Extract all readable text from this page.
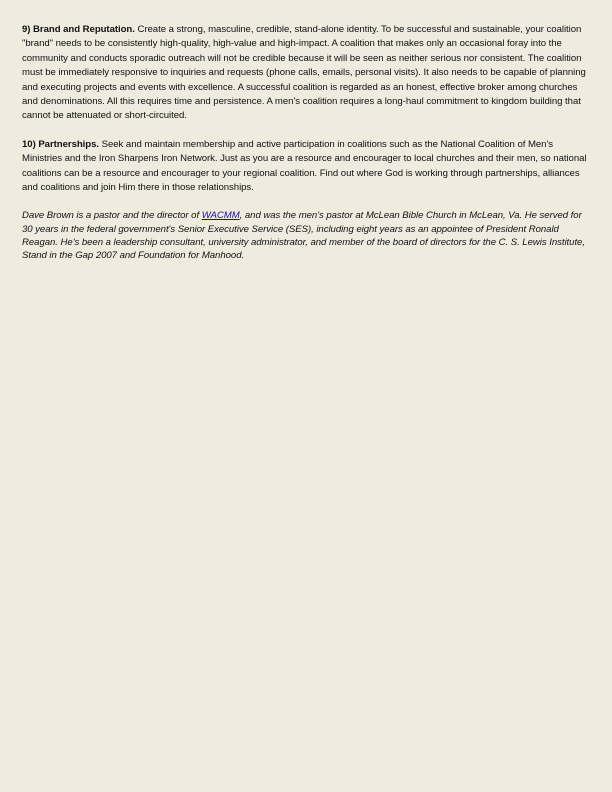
9) Brand and Reputation. Create a strong, masculine, credible, stand-alone identity. To be successful and sustainable, your coalition "brand" needs to be consistently high-quality, high-value and high-impact. A coalition that makes only an occasional foray into the community and conducts sporadic outreach will not be credible because it will be seen as neither serious nor consistent. The coalition must be immediately responsive to inquiries and requests (phone calls, emails, personal visits). It also needs to be capable of planning and executing projects and events with excellence. A successful coalition is regarded as an honest, effective broker among churches and denominations. All this requires time and persistence. A men's coalition requires a long-haul commitment to kingdom building that cannot be attenuated or short-circuited.

10) Partnerships. Seek and maintain membership and active participation in coalitions such as the National Coalition of Men's Ministries and the Iron Sharpens Iron Network. Just as you are a resource and encourager to local churches and their men, so national coalitions can be a resource and encourager to your regional coalition. Find out where God is working through partnerships, alliances and coalitions and join Him there in those relationships.

Dave Brown is a pastor and the director of WACMM, and was the men's pastor at McLean Bible Church in McLean, Va. He served for 30 years in the federal government's Senior Executive Service (SES), including eight years as an appointee of President Ronald Reagan. He's been a leadership consultant, university administrator, and member of the board of directors for the C. S. Lewis Institute, Stand in the Gap 2007 and Foundation for Manhood.
